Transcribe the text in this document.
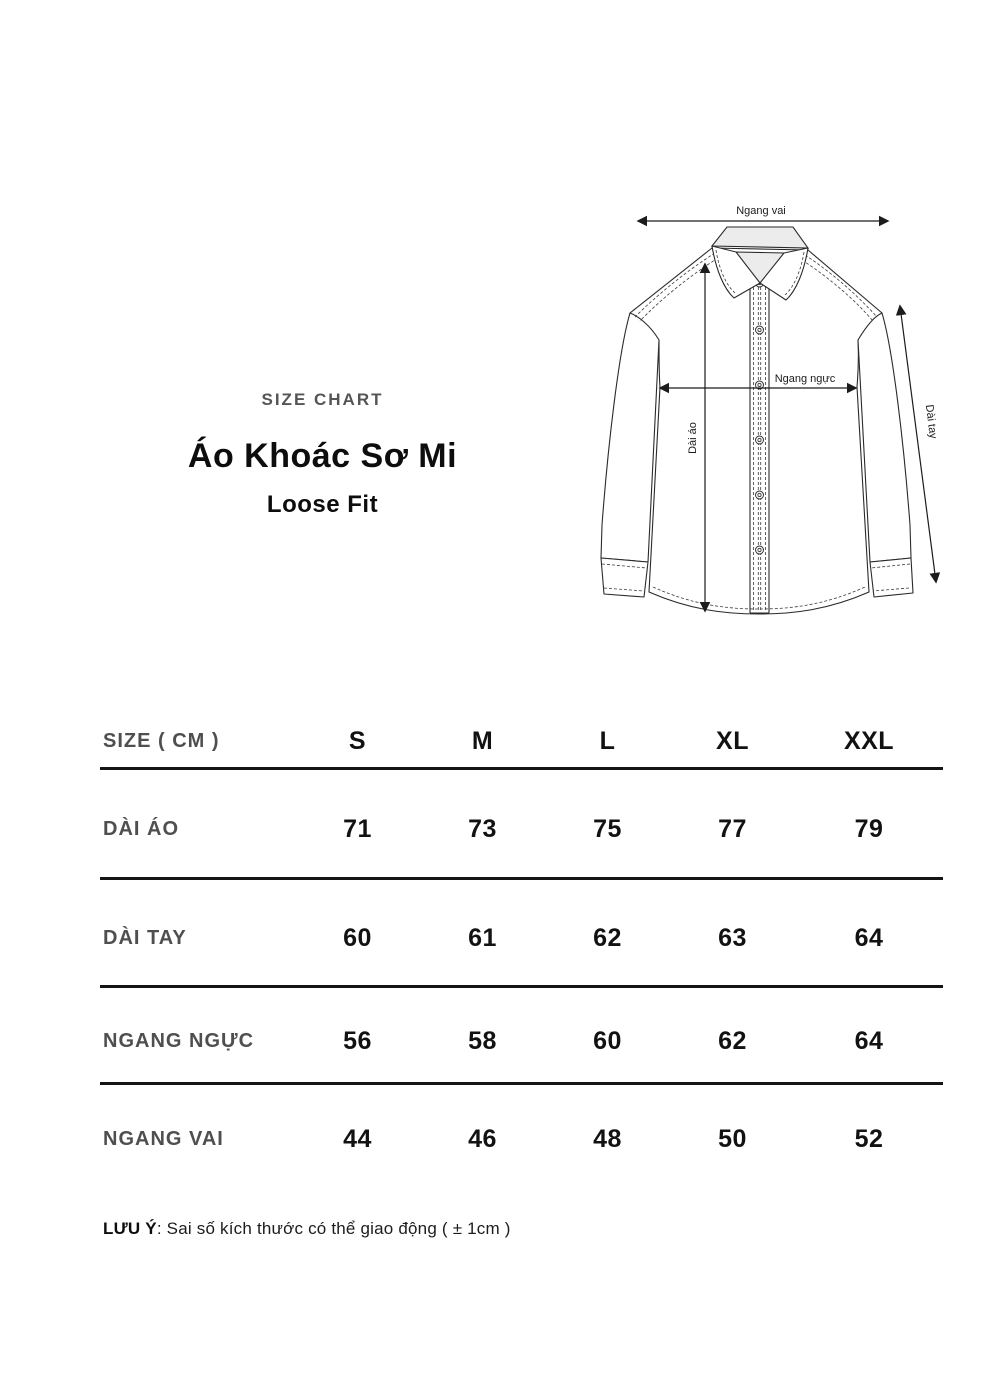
SIZE CHART
Áo Khoác Sơ Mi
Loose Fit
Ngang vai
Ngang ngực
Dài áo	Dài tay
SIZE ( CM )	S	M	L	XL	XXL
DÀI ÁO	71	73	75	77	79
DÀI TAY	60	61	62	63	64
NGANG NGỰC	56	58	60	62	64
NGANG VAI	44	46	48	50	52

LƯU Ý: Sai số kích thước có thể giao động ( ± 1cm )
